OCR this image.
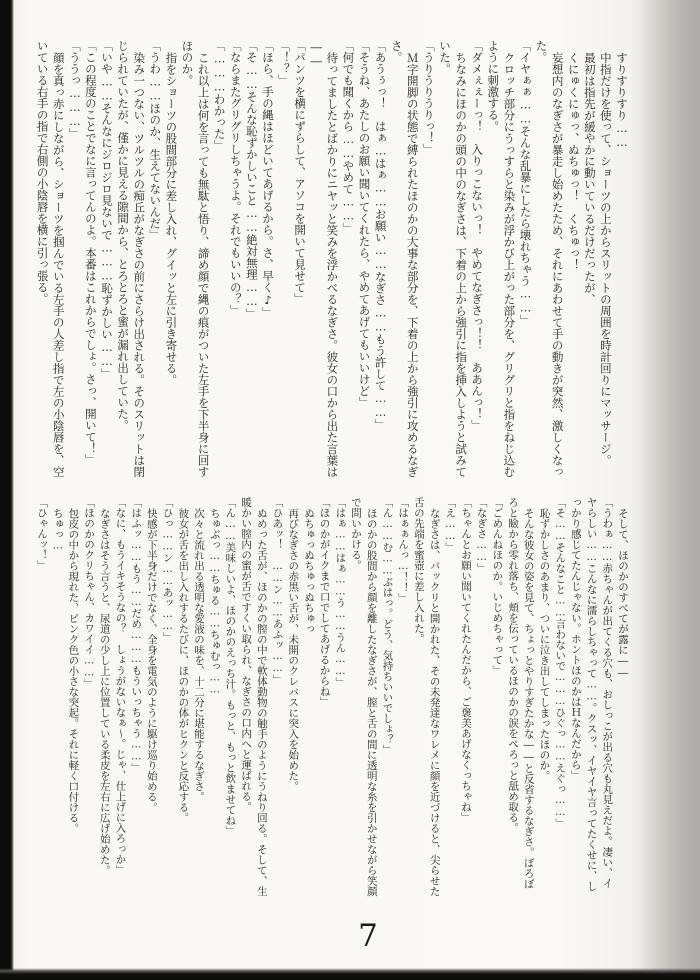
すりすりすり……

中指だけを使って、ショーツの上からスリットの周囲を時計回りにマッサージ。

最初は指先が緩やかに動いているだけだったが、

くにゅくにゅっ、ぬちゅっ！　くちゅっ！

妄想内のなぎさが暴走し始めたため、それにあわせて手の動きが突然、激しくなった。

「イヤぁぁ……そんな乱暴にしたら壊れちゃう……」

クロッチ部分にうっすらと染みが浮かび上がった部分を、グリグリと指をねじ込むように刺激する。

「ダメぇぇーっ！　入りっこないっ！　やめてなぎさっ！！　ああんっ！」

ちなみにほのかの頭の中のなぎさは、下着の上から強引に指を挿入しようと試みていた。

「うりうりうりっ！」

Ｍ字開脚の状態で縛られたほのかの大事な部分を、下着の上から強引に攻めるなぎさ。

「あうぅっ！　はぁ…はぁ……お願い……なぎさ……もう許して……」

「そうね、あたしのお願い聞いてくれたら、やめてあげてもいいけど」

「何でも聞くから……やめて……」

待ってましたとばかりにニヤッと笑みを浮かべるなぎさ。彼女の口から出た言葉は――

「パンツを横にずらして、アソコを開いて見せて」

「！？」

「ほら、手の縄はほどいてあげるから。さ、早く♪」

「そ……そんな恥ずかしいこと……絶対無理……」

「ならまたグリグリしちゃうよ。それでもいいの？」

「………わかった」

これ以上は何を言っても無駄と悟り、諦め顔で縄の痕がついた左手を下半身に回すほのか。

指をショーツの股間部分に差し入れ、グイッと左に引き寄せる。

「うわ……ほのか、生えてないんだ」

染み一つない、ツルツルの痴丘がなぎさの前にさらけ出される。そのスリットは閉じられていたが、僅かに見える隙間から、とろとろと蜜が漏れ出していた。

「いや……そんなにジロジロ見ないで………恥ずかしい……」

「この程度のことでなに言ってんのよ。本番はこれからでしょ。さっ、開いて！」

「ううっ………」

顔を真っ赤にしながら、ショーツを掴んでいる左手の人差し指で左の小陰唇を、空いている右手の指で右側の小陰唇を横に引っ張る。

そして、ほのかのすべてが露に――

「うわぁ……赤ちゃんが出てくる穴も、おしっこが出る穴も丸見えだよ。凄い、イヤらしい……こんなに濡らしちゃって……。クスッ、イヤイヤ言ってたくせに、しっかり感じてたんじゃない。ホントほのかはＨなんだから」

「そ……そんなこと……言わないで………ひぐっ……えぐっ……」

恥ずかしさのあまり、ついに泣き出してしまったほのか。

そんな彼女の姿を見て、ちょっとやりすぎたかな――と反省するなぎさ。ぼろぼろと瞼から零れ落ち、頬を伝っているほのかの涙をぺろっと舐め取る。

「ごめんねほのか。いじめちゃって」

「なぎさ……」

「ちゃんとお願い聞いてくれたんだから、ご褒美あげなくっちゃね」

「え……」

なぎさは、パックリと開かれた、その未発達なワレメに顔を近づけると、尖らせた舌の先端を蜜壺に差し入れた。

「はぁぁんっ…！！」

「ん……む……ぷはっ。どう、気持ちいいでしょ？」

ほのかの股間から顔を離したなぎさが、膣と舌の間に透明な糸を引かせながら笑顔で問いかける。

「はぁ……はぁ……う……うん……」

「ほのかがイクまで口でしてあげるからね」

ぬちゅっぬちゅっぬちゅっ

再びなぎさの赤黒い舌が、未開のクレバスに突入を始めた。

「ひあッ！　……ン……あふッ……」

ぬめった舌が、ほのかの膣の中で軟体動物の触手のようにうねり回る。そして、生暖かい膣内の蜜が舌ですくい取られ、なぎさの口内へと運ばれる。

「ん……美味しいよ、ほのかのえっち汁。もっと、もっと飲ませてね」

ちゅぶっ……ちゅる……ちゅむっ……

次々と流れ出る透明な愛液の味を、十二分に堪能するなぎさ。

彼女が舌を出し入れするたびに、ほのかの体がヒクンと反応する。

「ひっ……ン……あッ……」

快感が下半身だけでなく、全身を電気のように駆け巡り始める。

「はふッ……もう……だめ………もういっちゃう……」

「なに、もうイキそうなの？　しょうがないなぁ～。じゃ、仕上げに入ろっか」

なぎさはそう言うと、尿道の少し上に位置している柔皮を左右に広げ始めた。

「ほのかのクリちゃん、カワイイ……」

包皮の中から現れた、ピンク色の小さな突起。それに軽く口付ける。

ちゅっ…

「ひゃんッ！」

7
